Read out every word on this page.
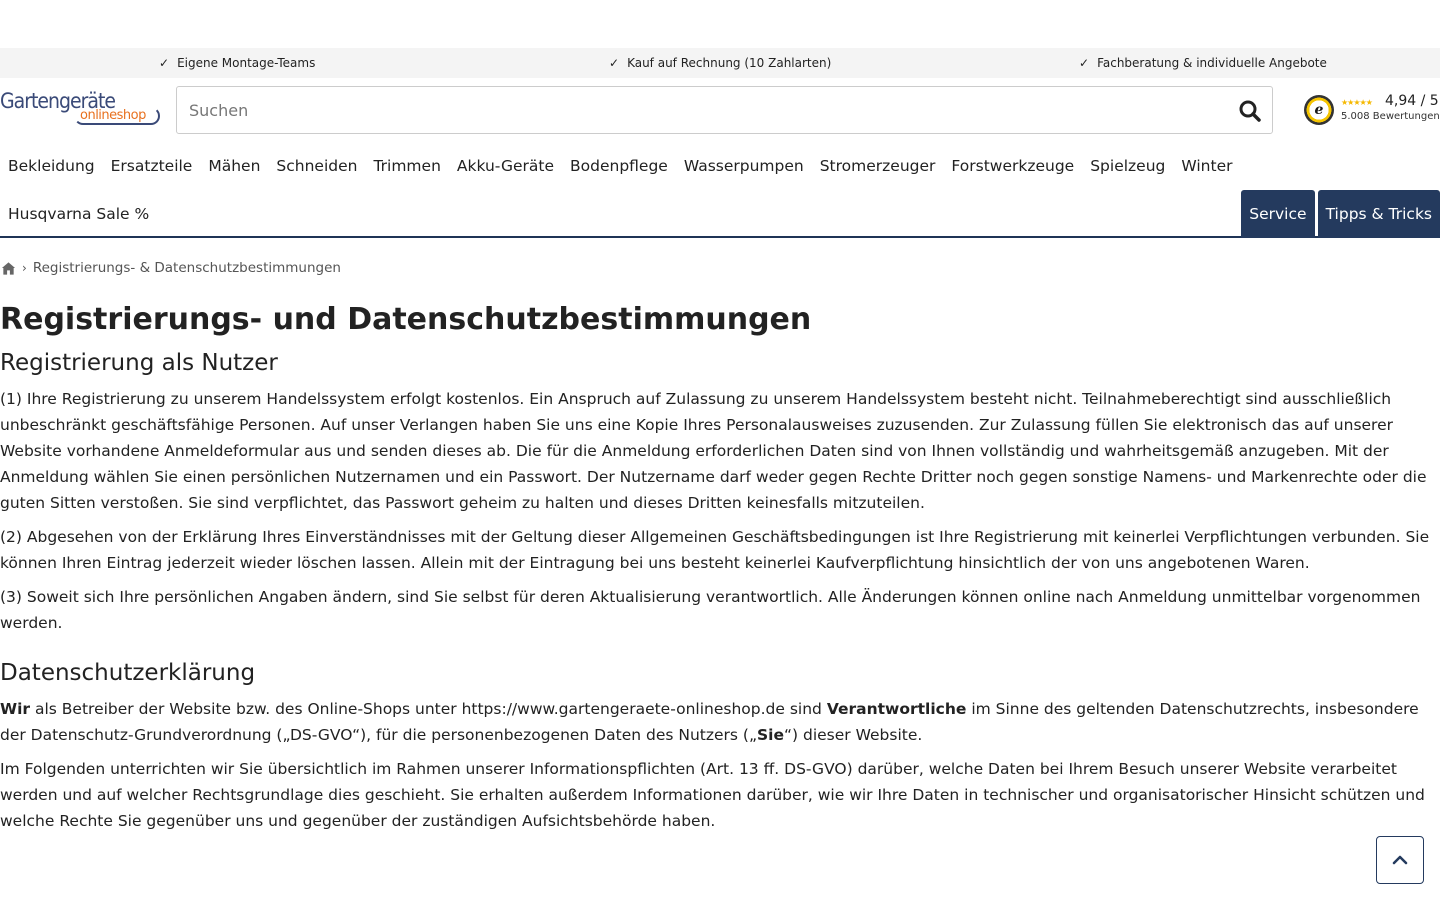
✓ Eigene Montage-Teams	✓ Kauf auf Rechnung (10 Zahlarten)	✓ Fachberatung & individuelle Angebote
Gartengeräte
onlineshop
Suchen	e ★★★★★ 4,94 / 5
5.008 Bewertungen
Bekleidung	Ersatzteile	Mähen	Schneiden	Trimmen	Akku-Geräte	Bodenpflege	Wasserpumpen	Stromerzeuger	Forstwerkzeuge	Spielzeug	Winter
Husqvarna Sale %	Service	Tipps & Tricks
› Registrierungs- & Datenschutzbestimmungen
Registrierungs- und Datenschutzbestimmungen
Registrierung als Nutzer

(1) Ihre Registrierung zu unserem Handelssystem erfolgt kostenlos. Ein Anspruch auf Zulassung zu unserem Handelssystem besteht nicht. Teilnahmeberechtigt sind ausschließlich unbeschränkt geschäftsfähige Personen. Auf unser Verlangen haben Sie uns eine Kopie Ihres Personalausweises zuzusenden. Zur Zulassung füllen Sie elektronisch das auf unserer Website vorhandene Anmeldeformular aus und senden dieses ab. Die für die Anmeldung erforderlichen Daten sind von Ihnen vollständig und wahrheitsgemäß anzugeben. Mit der Anmeldung wählen Sie einen persönlichen Nutzernamen und ein Passwort. Der Nutzername darf weder gegen Rechte Dritter noch gegen sonstige Namens- und Markenrechte oder die guten Sitten verstoßen. Sie sind verpflichtet, das Passwort geheim zu halten und dieses Dritten keinesfalls mitzuteilen.

(2) Abgesehen von der Erklärung Ihres Einverständnisses mit der Geltung dieser Allgemeinen Geschäftsbedingungen ist Ihre Registrierung mit keinerlei Verpflichtungen verbunden. Sie können Ihren Eintrag jederzeit wieder löschen lassen. Allein mit der Eintragung bei uns besteht keinerlei Kaufverpflichtung hinsichtlich der von uns angebotenen Waren.

(3) Soweit sich Ihre persönlichen Angaben ändern, sind Sie selbst für deren Aktualisierung verantwortlich. Alle Änderungen können online nach Anmeldung unmittelbar vorgenommen werden.

Datenschutzerklärung

Wir als Betreiber der Website bzw. des Online-Shops unter https://www.gartengeraete-onlineshop.de sind Verantwortliche im Sinne des geltenden Datenschutzrechts, insbesondere der Datenschutz-Grundverordnung („DS-GVO“), für die personenbezogenen Daten des Nutzers („Sie“) dieser Website.

Im Folgenden unterrichten wir Sie übersichtlich im Rahmen unserer Informationspflichten (Art. 13 ff. DS-GVO) darüber, welche Daten bei Ihrem Besuch unserer Website verarbeitet werden und auf welcher Rechtsgrundlage dies geschieht. Sie erhalten außerdem Informationen darüber, wie wir Ihre Daten in technischer und organisatorischer Hinsicht schützen und welche Rechte Sie gegenüber uns und gegenüber der zuständigen Aufsichtsbehörde haben.
